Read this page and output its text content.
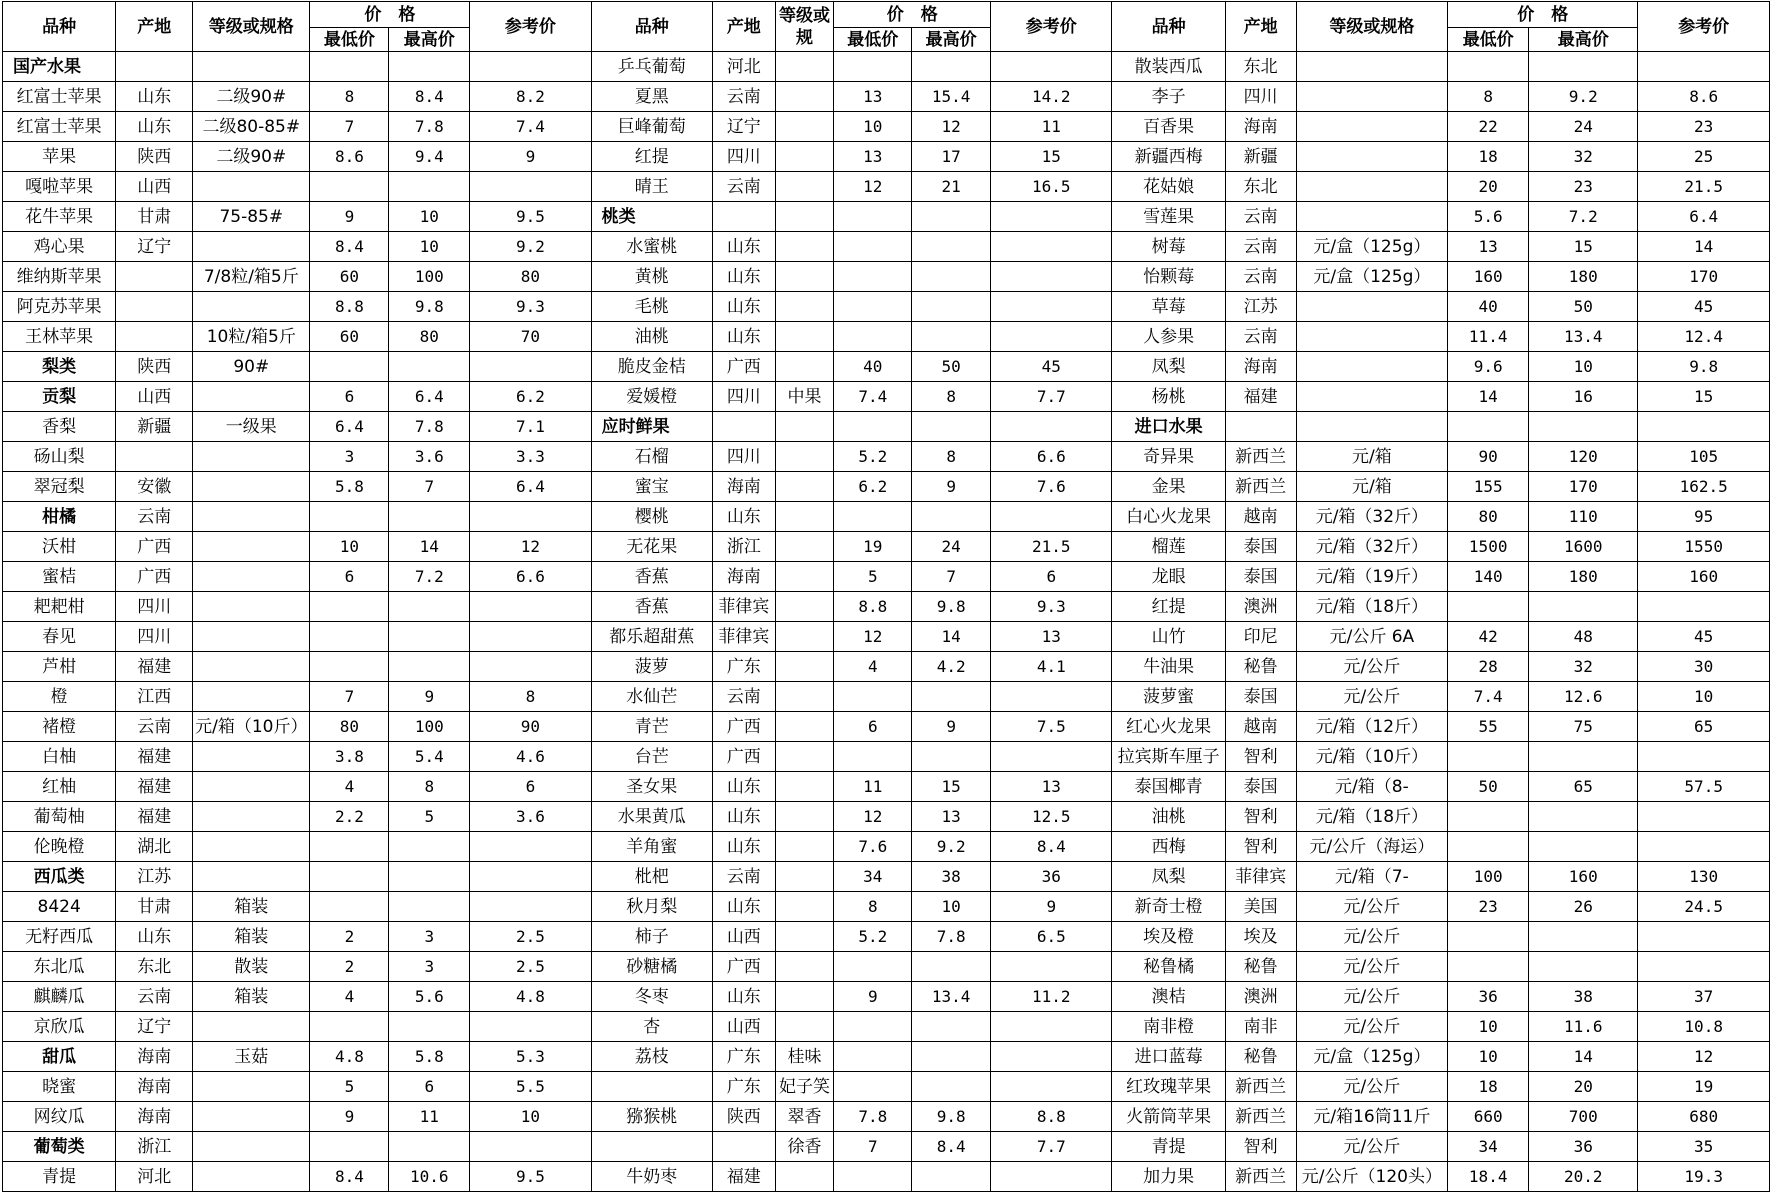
品种	产地	等级或规格	价　格		参考价	品种	产地	等级或规	价　格		参考价	品种	产地	等级或规格	价　格		参考价
			最低价	最高价					最低价	最高价					最低价	最高价	
国产水果						乒乓葡萄	河北					散装西瓜	东北				
红富士苹果	山东	二级90#	8	8.4	8.2	夏黑	云南		13	15.4	14.2	李子	四川		8	9.2	8.6
红富士苹果	山东	二级80-85#	7	7.8	7.4	巨峰葡萄	辽宁		10	12	11	百香果	海南		22	24	23
苹果	陕西	二级90#	8.6	9.4	9	红提	四川		13	17	15	新疆西梅	新疆		18	32	25
嘎啦苹果	山西					晴王	云南		12	21	16.5	花姑娘	东北		20	23	21.5
花牛苹果	甘肃	75-85#	9	10	9.5	桃类						雪莲果	云南		5.6	7.2	6.4
鸡心果	辽宁		8.4	10	9.2	水蜜桃	山东					树莓	云南	元/盒（125g）	13	15	14
维纳斯苹果		7/8粒/箱5斤	60	100	80	黄桃	山东					怡颗莓	云南	元/盒（125g）	160	180	170
阿克苏苹果			8.8	9.8	9.3	毛桃	山东					草莓	江苏		40	50	45
王林苹果		10粒/箱5斤	60	80	70	油桃	山东					人参果	云南		11.4	13.4	12.4
梨类	陕西	90#				脆皮金桔	广西		40	50	45	凤梨	海南		9.6	10	9.8
贡梨	山西		6	6.4	6.2	爱媛橙	四川	中果	7.4	8	7.7	杨桃	福建		14	16	15
香梨	新疆	一级果	6.4	7.8	7.1	应时鲜果						进口水果					
砀山梨			3	3.6	3.3	石榴	四川		5.2	8	6.6	奇异果	新西兰	元/箱	90	120	105
翠冠梨	安徽		5.8	7	6.4	蜜宝	海南		6.2	9	7.6	金果	新西兰	元/箱	155	170	162.5
柑橘	云南					樱桃	山东					白心火龙果	越南	元/箱（32斤）	80	110	95
沃柑	广西		10	14	12	无花果	浙江		19	24	21.5	榴莲	泰国	元/箱（32斤）	1500	1600	1550
蜜桔	广西		6	7.2	6.6	香蕉	海南		5	7	6	龙眼	泰国	元/箱（19斤）	140	180	160
耙耙柑	四川					香蕉	菲律宾		8.8	9.8	9.3	红提	澳洲	元/箱（18斤）			
春见	四川					都乐超甜蕉	菲律宾		12	14	13	山竹	印尼	元/公斤 6A	42	48	45
芦柑	福建					菠萝	广东		4	4.2	4.1	牛油果	秘鲁	元/公斤	28	32	30
橙	江西		7	9	8	水仙芒	云南					菠萝蜜	泰国	元/公斤	7.4	12.6	10
褚橙	云南	元/箱（10斤）	80	100	90	青芒	广西		6	9	7.5	红心火龙果	越南	元/箱（12斤）	55	75	65
白柚	福建		3.8	5.4	4.6	台芒	广西					拉宾斯车厘子	智利	元/箱（10斤）			
红柚	福建		4	8	6	圣女果	山东		11	15	13	泰国椰青	泰国	元/箱（8-	50	65	57.5
葡萄柚	福建		2.2	5	3.6	水果黄瓜	山东		12	13	12.5	油桃	智利	元/箱（18斤）			
伦晚橙	湖北					羊角蜜	山东		7.6	9.2	8.4	西梅	智利	元/公斤（海运）			
西瓜类	江苏					枇杷	云南		34	38	36	凤梨	菲律宾	元/箱（7-	100	160	130
8424	甘肃	箱装				秋月梨	山东		8	10	9	新奇士橙	美国	元/公斤	23	26	24.5
无籽西瓜	山东	箱装	2	3	2.5	柿子	山西		5.2	7.8	6.5	埃及橙	埃及	元/公斤			
东北瓜	东北	散装	2	3	2.5	砂糖橘	广西					秘鲁橘	秘鲁	元/公斤			
麒麟瓜	云南	箱装	4	5.6	4.8	冬枣	山东		9	13.4	11.2	澳桔	澳洲	元/公斤	36	38	37
京欣瓜	辽宁					杏	山西					南非橙	南非	元/公斤	10	11.6	10.8
甜瓜	海南	玉菇	4.8	5.8	5.3	荔枝	广东	桂味				进口蓝莓	秘鲁	元/盒（125g）	10	14	12
晓蜜	海南		5	6	5.5		广东	妃子笑				红玫瑰苹果	新西兰	元/公斤	18	20	19
网纹瓜	海南		9	11	10	猕猴桃	陕西	翠香	7.8	9.8	8.8	火箭筒苹果	新西兰	元/箱16筒11斤	660	700	680
葡萄类	浙江							徐香	7	8.4	7.7	青提	智利	元/公斤	34	36	35
青提	河北		8.4	10.6	9.5	牛奶枣	福建					加力果	新西兰	元/公斤（120头）	18.4	20.2	19.3
